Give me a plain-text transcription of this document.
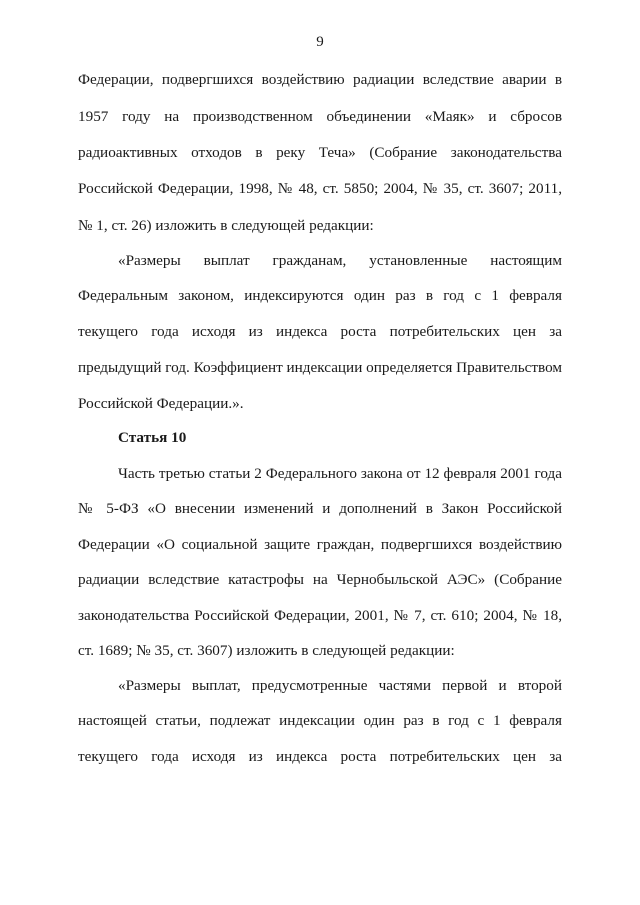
9
Федерации, подвергшихся воздействию радиации вследствие аварии в
1957 году на производственном объединении «Маяк» и сбросов
радиоактивных отходов в реку Теча» (Собрание законодательства
Российской Федерации, 1998, № 48, ст. 5850; 2004, № 35, ст. 3607; 2011,
№ 1, ст. 26) изложить в следующей редакции:
«Размеры выплат гражданам, установленные настоящим
Федеральным законом, индексируются один раз в год с 1 февраля
текущего года исходя из индекса роста потребительских цен за
предыдущий год. Коэффициент индексации определяется Правительством
Российской Федерации.».
Статья 10
Часть третью статьи 2 Федерального закона от 12 февраля 2001 года
№ 5-ФЗ «О внесении изменений и дополнений в Закон Российской
Федерации «О социальной защите граждан, подвергшихся воздействию
радиации вследствие катастрофы на Чернобыльской АЭС» (Собрание
законодательства Российской Федерации, 2001, № 7, ст. 610; 2004, № 18,
ст. 1689; № 35, ст. 3607) изложить в следующей редакции:
«Размеры выплат, предусмотренные частями первой и второй
настоящей статьи, подлежат индексации один раз в год с 1 февраля
текущего года исходя из индекса роста потребительских цен за
